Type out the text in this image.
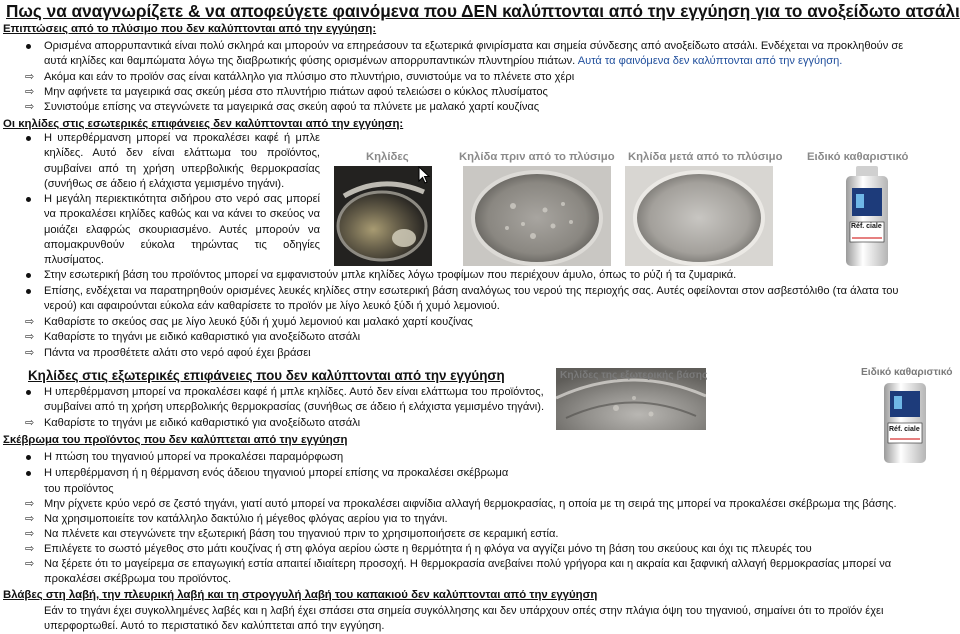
Πως να αναγνωρίζετε & να αποφεύγετε φαινόμενα που ΔΕΝ καλύπτονται από την εγγύηση για το ανοξείδωτο ατσάλι
Επιπτώσεις από το πλύσιμο που δεν καλύπτονται από την εγγύηση:
Ορισμένα απορρυπαντικά είναι πολύ σκληρά και μπορούν να επηρεάσουν τα εξωτερικά φινιρίσματα και σημεία σύνδεσης από ανοξείδωτο ατσάλι. Ενδέχεται να προκληθούν σε
αυτά κηλίδες και θαμπώματα λόγω της διαβρωτικής φύσης ορισμένων απορρυπαντικών πλυντηρίου πιάτων. Αυτά τα φαινόμενα δεν καλύπτονται από την εγγύηση.
⇨ Ακόμα και εάν το προϊόν σας είναι κατάλληλο για πλύσιμο στο πλυντήριο, συνιστούμε να το πλένετε στο χέρι
⇨ Μην αφήνετε τα μαγειρικά σας σκεύη μέσα στο πλυντήριο πιάτων αφού τελειώσει ο κύκλος πλυσίματος
⇨ Συνιστούμε επίσης να στεγνώνετε τα μαγειρικά σας σκεύη αφού τα πλύνετε με μαλακό χαρτί κουζίνας
Οι κηλίδες στις εσωτερικές επιφάνειες δεν καλύπτονται από την εγγύηση:
Η υπερθέρμανση μπορεί να προκαλέσει καφέ ή μπλε κηλίδες. Αυτό δεν είναι ελάττωμα του προϊόντος, συμβαίνει από τη χρήση υπερβολικής θερμοκρασίας (συνήθως σε άδειο ή ελάχιστα γεμισμένο τηγάνι).
Η μεγάλη περιεκτικότητα σιδήρου στο νερό σας μπορεί να προκαλέσει κηλίδες καθώς και να κάνει το σκεύος να μοιάζει ελαφρώς σκουριασμένο. Αυτές μπορούν να απομακρυνθούν εύκολα τηρώντας τις οδηγίες πλυσίματος.
Κηλίδες	Κηλίδα πριν από το πλύσιμο Κηλίδα μετά από το πλύσιμο Ειδικό καθαριστικό
Réf. ciale
Στην εσωτερική βάση του προϊόντος μπορεί να εμφανιστούν μπλε κηλίδες λόγω τροφίμων που περιέχουν άμυλο, όπως το ρύζι ή τα ζυμαρικά.
Επίσης, ενδέχεται να παρατηρηθούν ορισμένες λευκές κηλίδες στην εσωτερική βάση αναλόγως του νερού της περιοχής σας. Αυτές οφείλονται στον ασβεστόλιθο (τα άλατα του
νερού) και αφαιρούνται εύκολα εάν καθαρίσετε το προϊόν με λίγο λευκό ξύδι ή χυμό λεμονιού.
⇨ Καθαρίστε το σκεύος σας με λίγο λευκό ξύδι ή χυμό λεμονιού και μαλακό χαρτί κουζίνας
⇨ Καθαρίστε το τηγάνι με ειδικό καθαριστικό για ανοξείδωτο ατσάλι
⇨ Πάντα να προσθέτετε αλάτι στο νερό αφού έχει βράσει
Κηλίδες στις εξωτερικές επιφάνειες που δεν καλύπτονται από την εγγύηση
Η υπερθέρμανση μπορεί να προκαλέσει καφέ ή μπλε κηλίδες. Αυτό δεν είναι ελάττωμα του προϊόντος,
συμβαίνει από τη χρήση υπερβολικής θερμοκρασίας (συνήθως σε άδειο ή ελάχιστα γεμισμένο τηγάνι).
⇨ Καθαρίστε το τηγάνι με ειδικό καθαριστικό για ανοξείδωτο ατσάλι
Κηλίδες της εξωτερικής βάσης	Ειδικό καθαριστικό
Réf. ciale
Σκέβρωμα του προϊόντος που δεν καλύπτεται από την εγγύηση
Η πτώση του τηγανιού μπορεί να προκαλέσει παραμόρφωση
Η υπερθέρμανση ή η θέρμανση ενός άδειου τηγανιού μπορεί επίσης να προκαλέσει σκέβρωμα
του προϊόντος
⇨ Μην ρίχνετε κρύο νερό σε ζεστό τηγάνι, γιατί αυτό μπορεί να προκαλέσει αιφνίδια αλλαγή θερμοκρασίας, η οποία με τη σειρά της μπορεί να προκαλέσει σκέβρωμα της βάσης.
⇨ Να χρησιμοποιείτε τον κατάλληλο δακτύλιο ή μέγεθος φλόγας αερίου για το τηγάνι.
⇨ Να πλένετε και στεγνώνετε την εξωτερική βάση του τηγανιού πριν το χρησιμοποιήσετε σε κεραμική εστία.
⇨ Επιλέγετε το σωστό μέγεθος στο μάτι κουζίνας ή στη φλόγα αερίου ώστε η θερμότητα ή η φλόγα να αγγίζει μόνο τη βάση του σκεύους και όχι τις πλευρές του
⇨ Να ξέρετε ότι το μαγείρεμα σε επαγωγική εστία απαιτεί ιδιαίτερη προσοχή. Η θερμοκρασία ανεβαίνει πολύ γρήγορα και η ακραία και ξαφνική αλλαγή θερμοκρασίας μπορεί να
προκαλέσει σκέβρωμα του προϊόντος.
Βλάβες στη λαβή, την πλευρική λαβή και τη στρογγυλή λαβή του καπακιού δεν καλύπτονται από την εγγύηση
Εάν το τηγάνι έχει συγκολλημένες λαβές και η λαβή έχει σπάσει στα σημεία συγκόλλησης και δεν υπάρχουν οπές στην πλάγια όψη του τηγανιού, σημαίνει ότι το προϊόν έχει
υπερφορτωθεί. Αυτό το περιστατικό δεν καλύπτεται από την εγγύηση.
